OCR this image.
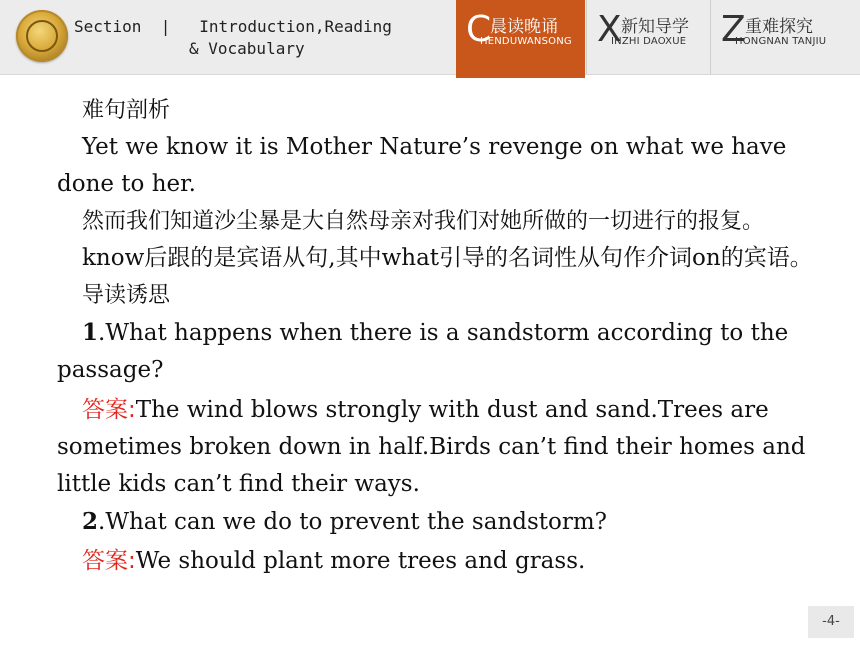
Section  |   Introduction,Reading
& Vocabulary	C
晨读晚诵
HENDUWANSONG X 新知导学
INZHI DAOXUE Z 重难探究
HONGNAN TANJIU

难句剖析

Yet we know it is Mother Nature’s revenge on what we have done to her.

然而我们知道沙尘暴是大自然母亲对我们对她所做的一切进行的报复。

know后跟的是宾语从句,其中what引导的名词性从句作介词on的宾语。

导读诱思

1.What happens when there is a sandstorm according to the passage?

答案:The wind blows strongly with dust and sand.Trees are sometimes broken down in half.Birds can’t find their homes and little kids can’t find their ways.

2.What can we do to prevent the sandstorm?

答案:We should plant more trees and grass.

-4-
